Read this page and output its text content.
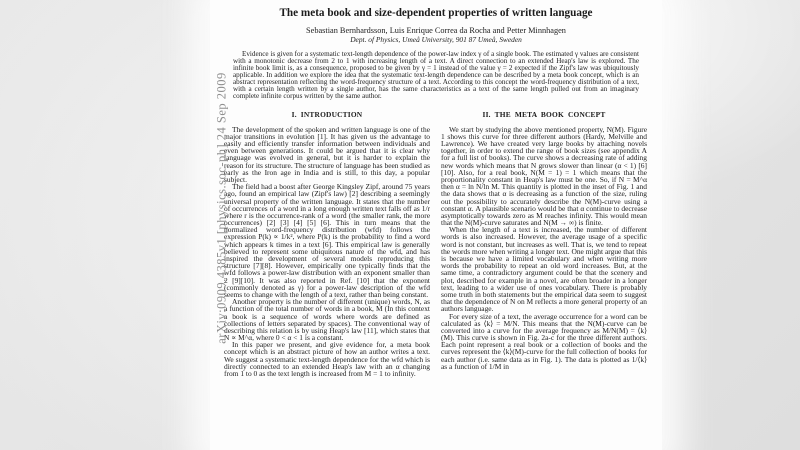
The meta book and size-dependent properties of written language
Sebastian Bernhardsson, Luis Enrique Correa da Rocha and Petter Minnhagen
Dept. of Physics, Umeå University, 901 87 Umeå, Sweden
Evidence is given for a systematic text-length dependence of the power-law index γ of a single book. The estimated γ values are consistent with a monotonic decrease from 2 to 1 with increasing length of a text. A direct connection to an extended Heap's law is explored. The infinite book limit is, as a consequence, proposed to be given by γ = 1 instead of the value γ = 2 expected if the Zipf's law was ubiquitously applicable. In addition we explore the idea that the systematic text-length dependence can be described by a meta book concept, which is an abstract representation reflecting the word-frequency structure of a text. According to this concept the word-frequency distribution of a text, with a certain length written by a single author, has the same characteristics as a text of the same length pulled out from an imaginary complete infinite corpus written by the same author.
I. INTRODUCTION

The development of the spoken and written language is one of the major transitions in evolution [1]. It has given us the advantage to easily and efficiently transfer information between individuals and even between generations. It could be argued that it is clear why language was evolved in general, but it is harder to explain the reason for its structure. The structure of language has been studied as early as the Iron age in India and is still, to this day, a popular subject.

The field had a boost after George Kingsley Zipf, around 75 years ago, found an empirical law (Zipf's law) [2] describing a seemingly universal property of the written language. It states that the number of occurrences of a word in a long enough written text falls off as 1/r where r is the occurrence-rank of a word (the smaller rank, the more occurrences) [2] [3] [4] [5] [6]. This in turn means that the normalized word-frequency distribution (wfd) follows the expression P(k) ∝ 1/k², where P(k) is the probability to find a word which appears k times in a text [6]. This empirical law is generally believed to represent some ubiquitous nature of the wfd, and has inspired the development of several models reproducing this structure [7][8]. However, empirically one typically finds that the wfd follows a power-law distribution with an exponent smaller than 2 [9][10]. It was also reported in Ref. [10] that the exponent (commonly denoted as γ) for a power-law description of the wfd seems to change with the length of a text, rather than being constant.

Another property is the number of different (unique) words, N, as a function of the total number of words in a book, M (In this context a book is a sequence of words where words are defined as collections of letters separated by spaces). The conventional way of describing this relation is by using Heap's law [11], which states that N ∝ M^α, where 0 < α < 1 is a constant.

In this paper we present, and give evidence for, a meta book concept which is an abstract picture of how an author writes a text. We suggest a systematic text-length dependence for the wfd which is directly connected to an extended Heap's law with an α changing from 1 to 0 as the text length is increased from M = 1 to infinity.

II. THE META BOOK CONCEPT

We start by studying the above mentioned property, N(M). Figure 1 shows this curve for three different authors (Hardy, Melville and Lawrence). We have created very large books by attaching novels together, in order to extend the range of book sizes (see appendix A for a full list of books). The curve shows a decreasing rate of adding new words which means that N grows slower than linear (α < 1) [6][10]. Also, for a real book, N(M = 1) = 1 which means that the proportionality constant in Heap's law must be one. So, if N = M^α then α = ln N/ln M. This quantity is plotted in the inset of Fig. 1 and the data shows that α is decreasing as a function of the size, ruling out the possibility to accurately describe the N(M)-curve using a constant α. A plausible scenario would be that α continue to decrease asymptotically towards zero as M reaches infinity. This would mean that the N(M)-curve saturates and N(M → ∞) is finite.

When the length of a text is increased, the number of different words is also increased. However, the average usage of a specific word is not constant, but increases as well. That is, we tend to repeat the words more when writing a longer text. One might argue that this is because we have a limited vocabulary and when writing more words the probability to repeat an old word increases. But, at the same time, a contradictory argument could be that the scenery and plot, described for example in a novel, are often broader in a longer text, leading to a wider use of ones vocabulary. There is probably some truth in both statements but the empirical data seem to suggest that the dependence of N on M reflects a more general property of an authors language.

For every size of a text, the average occurrence for a word can be calculated as ⟨k⟩ = M/N. This means that the N(M)-curve can be converted into a curve for the average frequency as M/N(M) = ⟨k⟩(M). This curve is shown in Fig. 2a-c for the three different authors. Each point represent a real book or a collection of books and the curves represent the ⟨k⟩(M)-curve for the full collection of books for each author (i.e. same data as in Fig. 1). The data is plotted as 1/⟨k⟩ as a function of 1/M in

arXiv:0909.4385v1 [physics.soc-ph] 24 Sep 2009
